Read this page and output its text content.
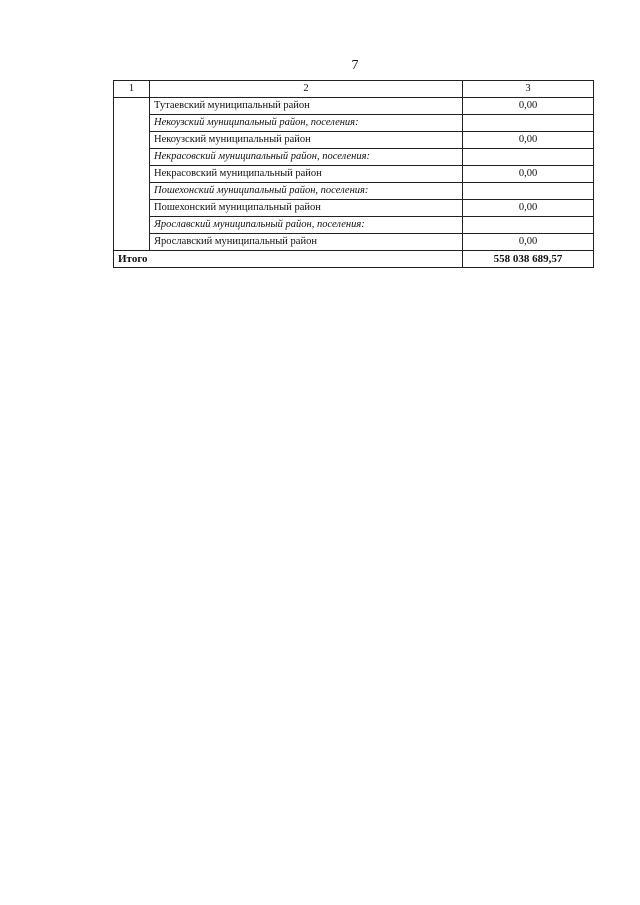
7
1	2	3
	Тутаевский муниципальный район	0,00
	Некоузский муниципальный район, поселения:	
	Некоузский муниципальный район	0,00
	Некрасовский муниципальный район, поселения:	
	Некрасовский муниципальный район	0,00
	Пошехонский муниципальный район, поселения:	
	Пошехонский муниципальный район	0,00
	Ярославский муниципальный район, поселения:	
	Ярославский муниципальный район	0,00
Итого		558 038 689,57
